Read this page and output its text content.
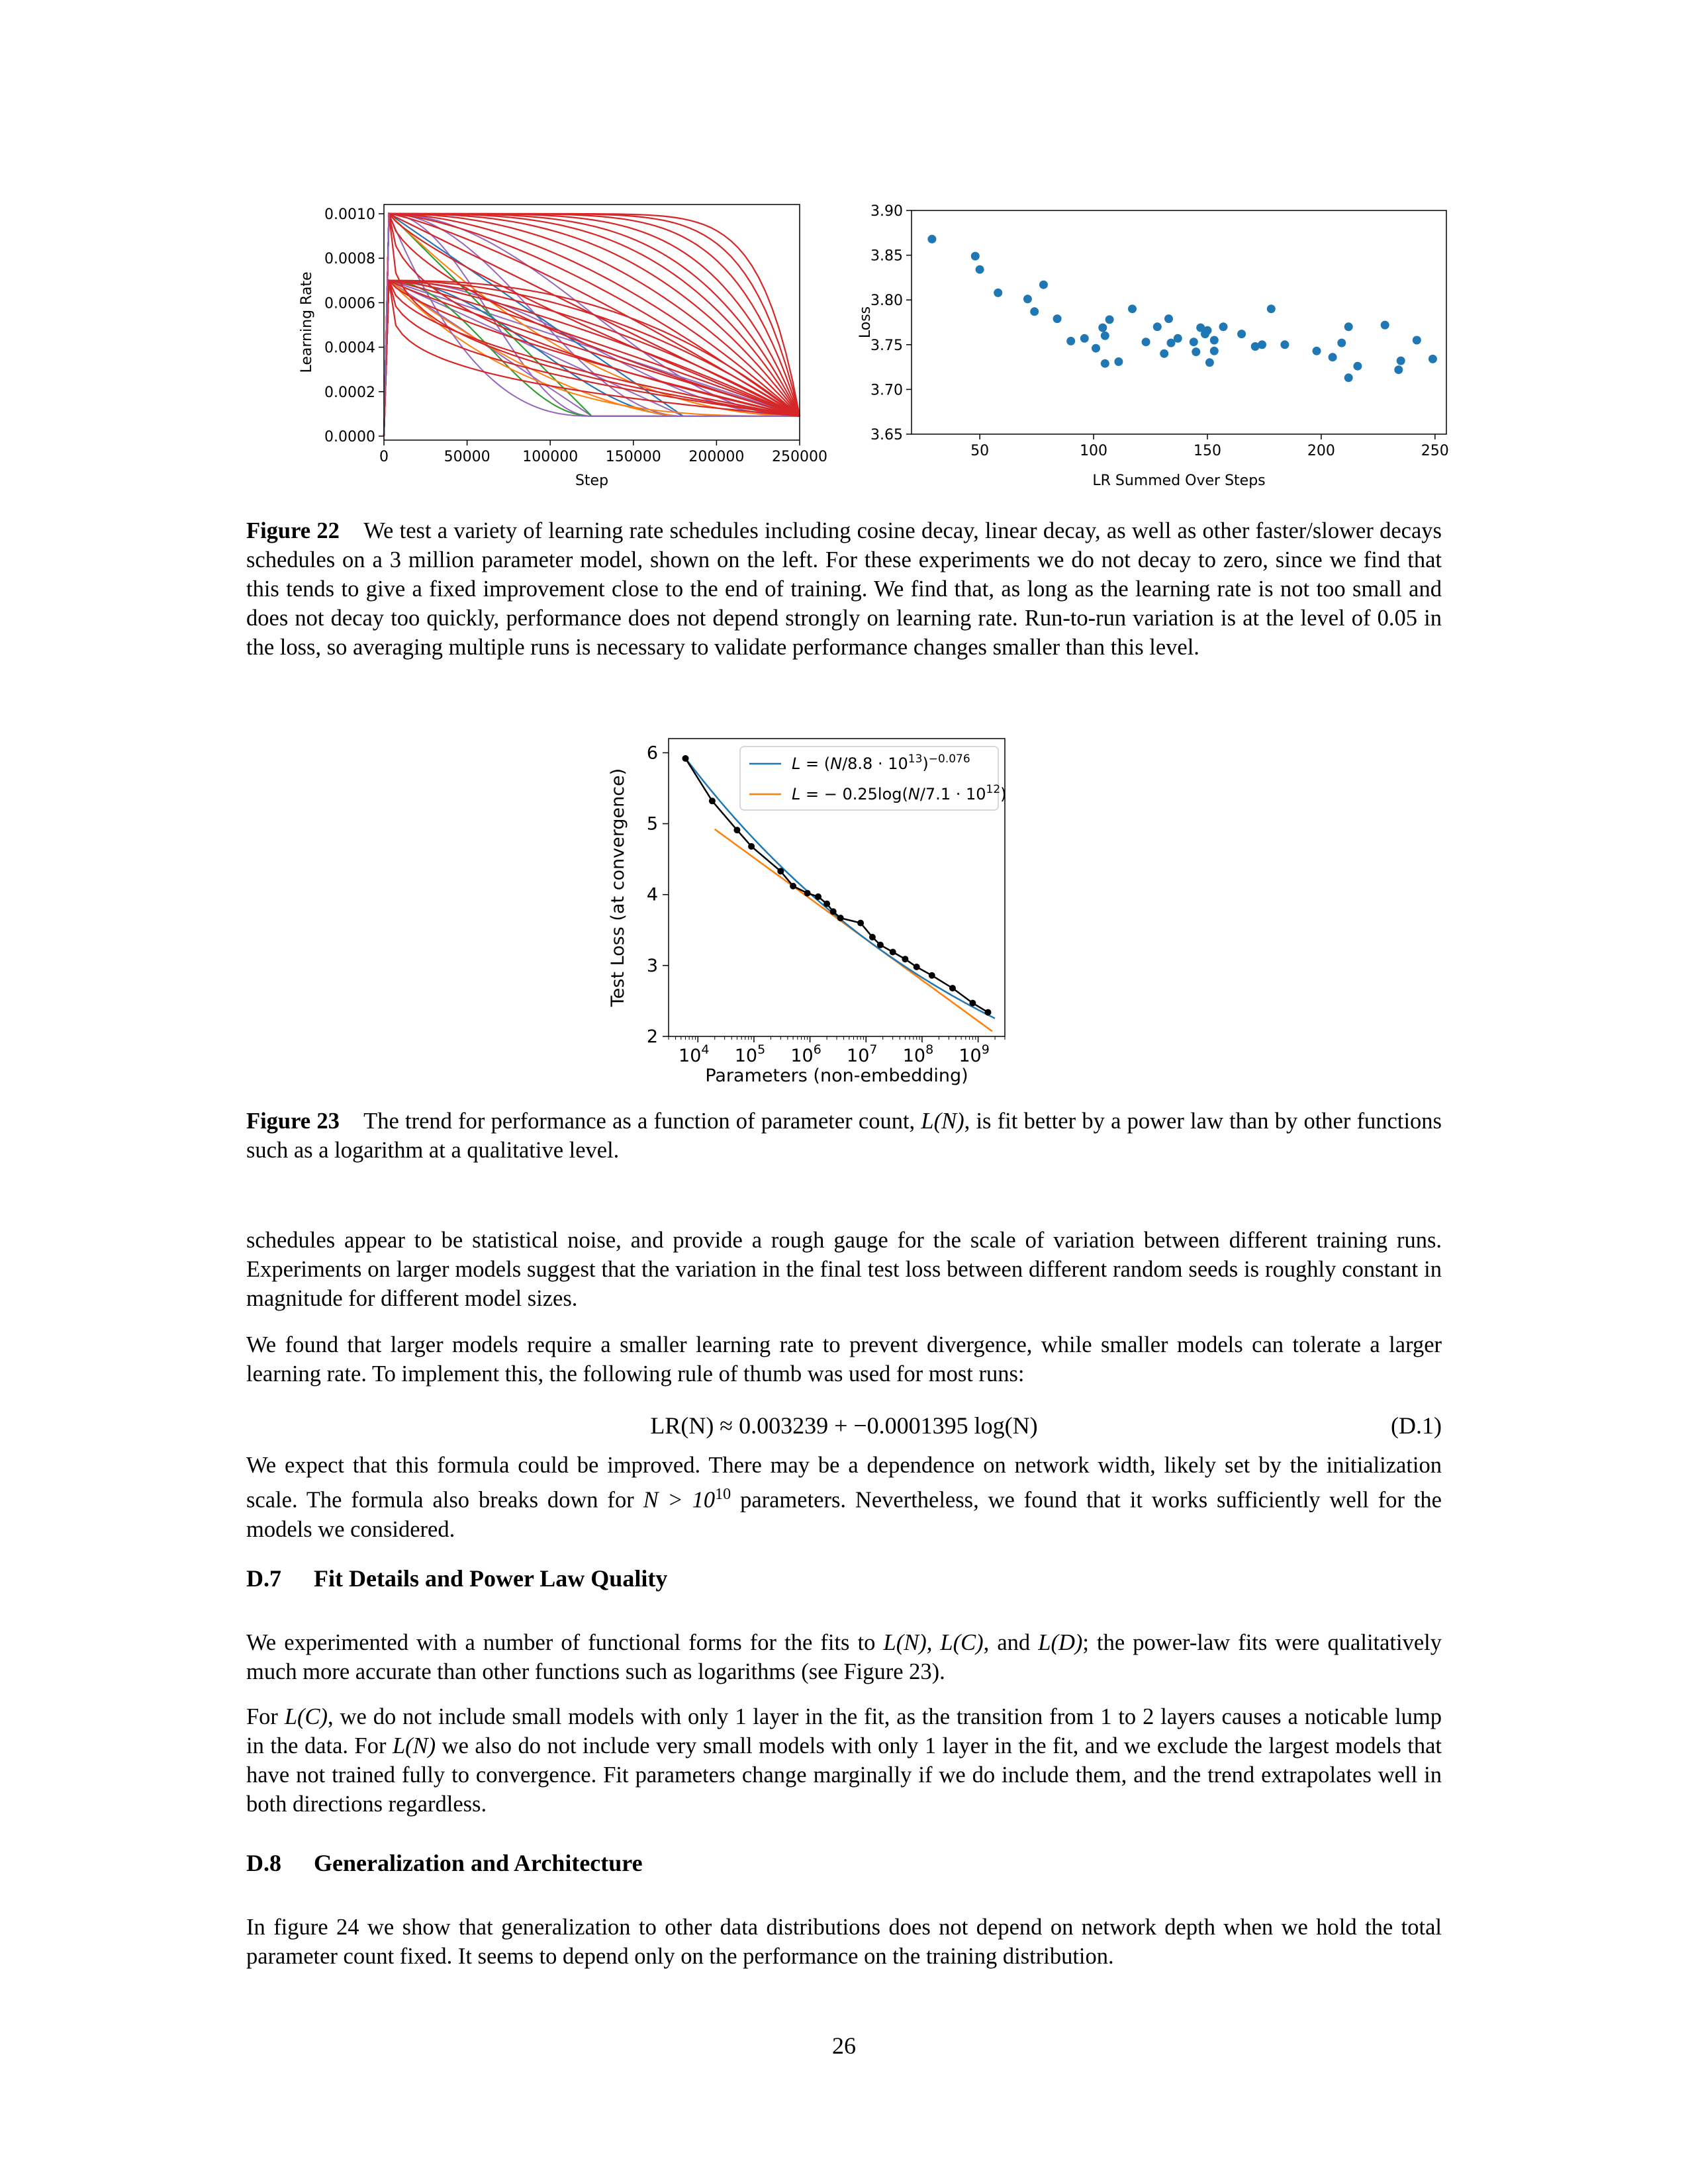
0	50000 100000 150000 200000 250000
0.0000
0.0002
0.0004
0.0006
0.0008
0.0010
Step
Learning Rate
50	100	150	200	250
3.65
3.70
3.75
3.80
3.85
3.90
LR Summed Over Steps
Loss
Figure 22 We test a variety of learning rate schedules including cosine decay, linear decay, as well as other faster/slower decays schedules on a 3 million parameter model, shown on the left. For these experiments we do not decay to zero, since we find that this tends to give a fixed improvement close to the end of training. We find that, as long as the learning rate is not too small and does not decay too quickly, performance does not depend strongly on learning rate. Run-to-run variation is at the level of 0.05 in the loss, so averaging multiple runs is necessary to validate performance changes smaller than this level.
$10^4$ $10^5$ $10^6$ $10^7$ $10^8$ $10^9$
2
3
4
5
6
$L = (N/8.8 \cdot 10^{13})^{-0.076}$
L = − $0.25\log(N/7.1 \cdot 10^{12})$
Parameters (non-embedding)
Test Loss (at convergence)
Figure 23 The trend for performance as a function of parameter count, L(N), is fit better by a power law than by other functions such as a logarithm at a qualitative level.
schedules appear to be statistical noise, and provide a rough gauge for the scale of variation between different training runs. Experiments on larger models suggest that the variation in the final test loss between different random seeds is roughly constant in magnitude for different model sizes.
We found that larger models require a smaller learning rate to prevent divergence, while smaller models can tolerate a larger learning rate. To implement this, the following rule of thumb was used for most runs:
LR(N) ≈ 0.003239 + −0.0001395 log(N)	(D.1)
We expect that this formula could be improved. There may be a dependence on network width, likely set by the initialization scale. The formula also breaks down for $N > 10^{10}$ parameters. Nevertheless, we found that it works sufficiently well for the models we considered.
D.7 Fit Details and Power Law Quality
We experimented with a number of functional forms for the fits to L(N), L(C), and L(D); the power-law fits were qualitatively much more accurate than other functions such as logarithms (see Figure 23).
For L(C), we do not include small models with only 1 layer in the fit, as the transition from 1 to 2 layers causes a noticable lump in the data. For L(N) we also do not include very small models with only 1 layer in the fit, and we exclude the largest models that have not trained fully to convergence. Fit parameters change marginally if we do include them, and the trend extrapolates well in both directions regardless.
D.8 Generalization and Architecture
In figure 24 we show that generalization to other data distributions does not depend on network depth when we hold the total parameter count fixed. It seems to depend only on the performance on the training distribution.
26
